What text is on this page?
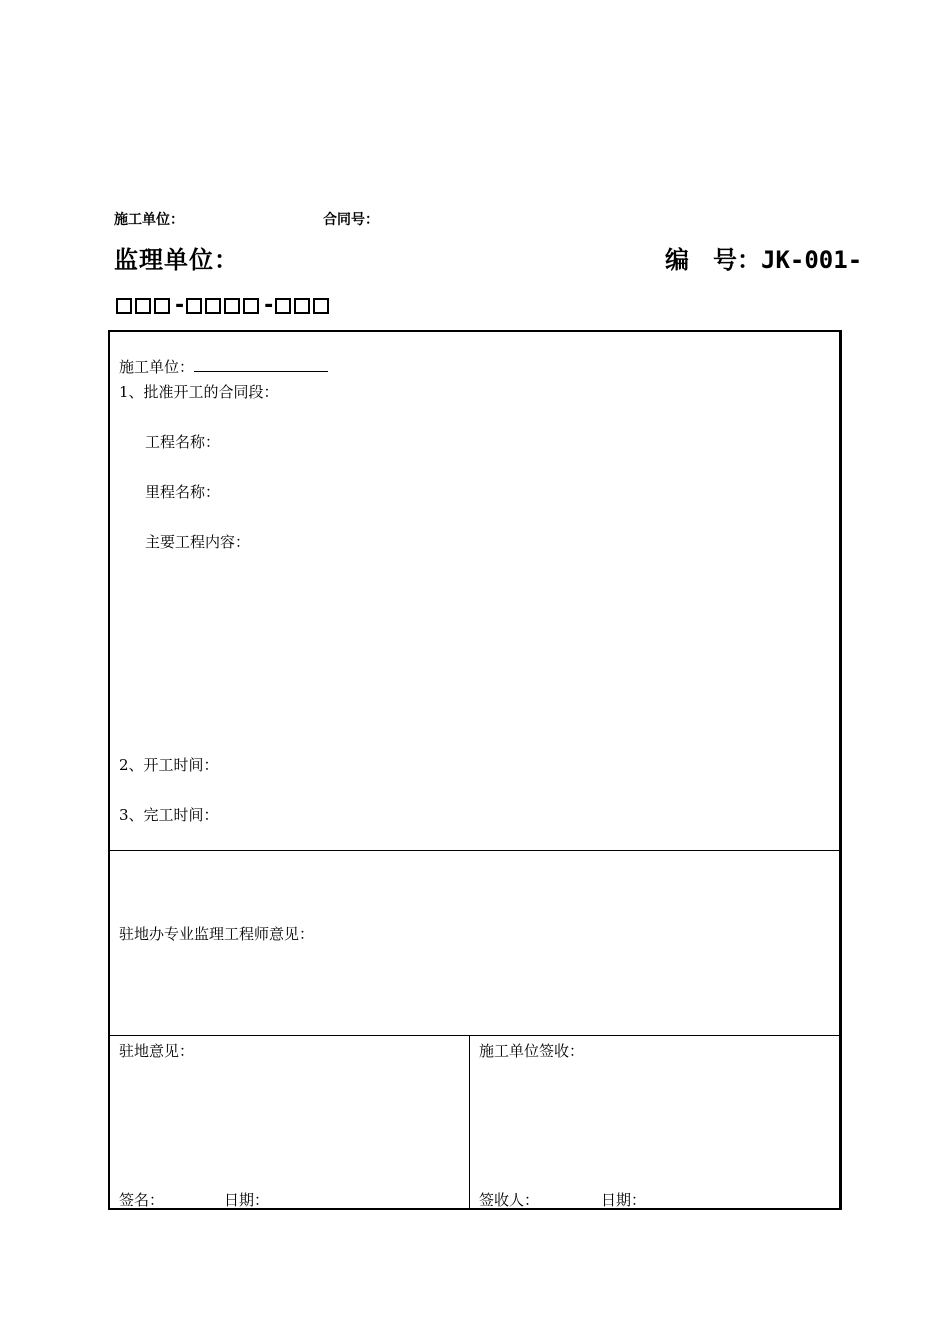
施工单位：	合同号：
监理单位：	编　号：JK-001-
-	-
施工单位：
1、批准开工的合同段：
工程名称：
里程名称：
主要工程内容：
2、开工时间：
3、完工时间：
驻地办专业监理工程师意见：
驻地意见：
签名：	日期：
施工单位签收：
签收人：	日期：
